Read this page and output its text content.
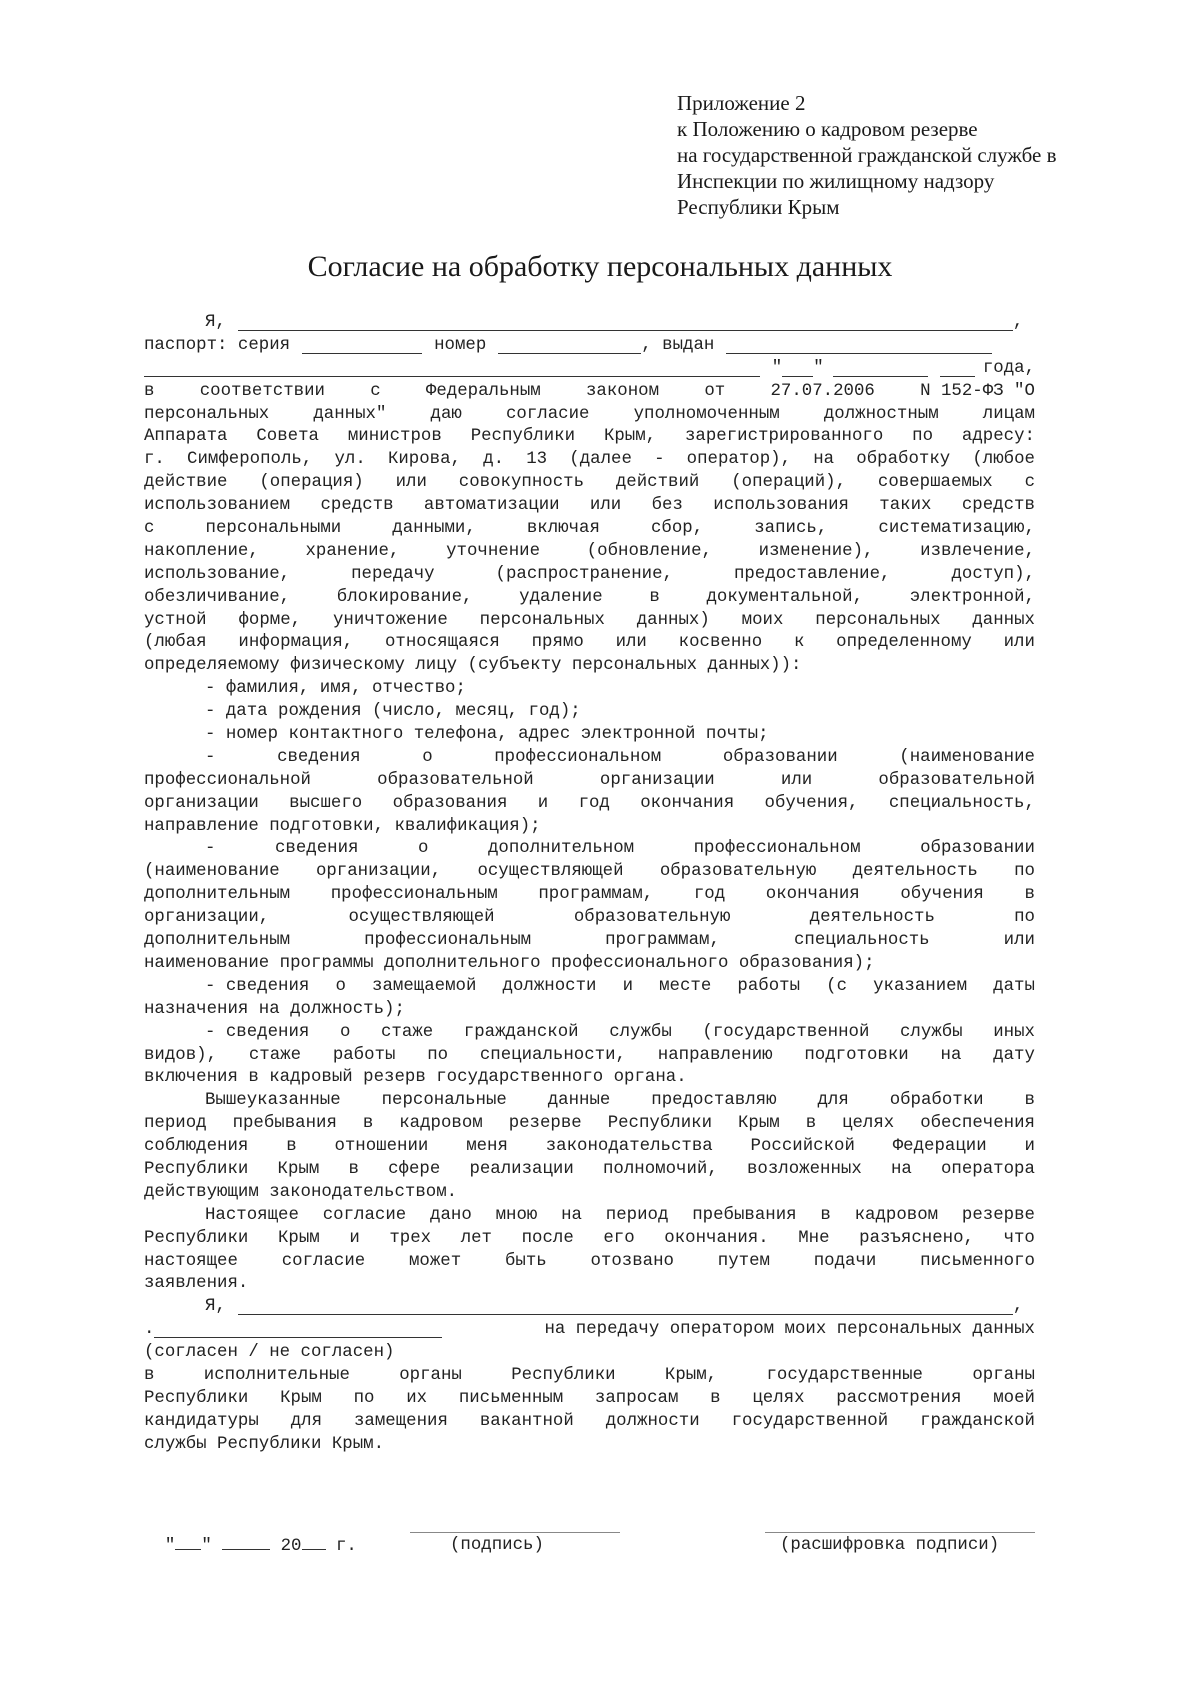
Приложение 2
к Положению о кадровом резерве
на государственной гражданской службе в
Инспекции по жилищному надзору
Республики Крым
Согласие на обработку персональных данных
Я,	,
паспорт: серия	номер	, выдан
" "	года,
в	соответствии	с	Федеральным	законом	от	27.07.2006	N 152-ФЗ "О
персональных	данных"	даю	согласие	уполномоченным	должностным	лицам
Аппарата Совета министров Республики Крым, зарегистрированного по адресу:
г. Симферополь, ул. Кирова, д. 13 (далее - оператор), на обработку (любое
действие (операция) или совокупность действий (операций), совершаемых с
использованием средств автоматизации или без использования таких средств
с	персональными	данными,	включая	сбор,	запись,	систематизацию,
накопление,	хранение,	уточнение	(обновление,	изменение),	извлечение,
использование,	передачу	(распространение,	предоставление,	доступ),
обезличивание,	блокирование,	удаление	в	документальной,	электронной,
устной форме, уничтожение персональных данных) моих персональных данных
(любая информация, относящаяся прямо или косвенно к определенному или
определяемому физическому лицу (субъекту персональных данных)):
- фамилия, имя, отчество;
- дата рождения (число, месяц, год);
- номер контактного телефона, адрес электронной почты;
-	сведения	о	профессиональном	образовании	(наименование
профессиональной	образовательной	организации	или	образовательной
организации высшего образования и год окончания обучения, специальность,
направление подготовки, квалификация);
-	сведения	о	дополнительном	профессиональном	образовании
(наименование организации, осуществляющей образовательную деятельность по
дополнительным профессиональным программам, год окончания обучения в
организации,	осуществляющей	образовательную	деятельность	по
дополнительным	профессиональным	программам,	специальность	или
наименование программы дополнительного профессионального образования);
- сведения о замещаемой должности и месте работы (с указанием даты
назначения на должность);
- сведения о стаже гражданской службы (государственной службы иных
видов), стаже работы по специальности, направлению подготовки на дату
включения в кадровый резерв государственного органа.
Вышеуказанные персональные данные предоставляю для обработки в
период пребывания в кадровом резерве Республики Крым в целях обеспечения
соблюдения в отношении меня законодательства Российской Федерации и
Республики Крым в сфере реализации полномочий, возложенных на оператора
действующим законодательством.
Настоящее согласие дано мною на период пребывания в кадровом резерве
Республики Крым и трех лет после его окончания. Мне разъяснено, что
настоящее	согласие	может	быть	отозвано	путем	подачи	письменного
заявления.
Я,	,
.	на передачу оператором моих персональных данных
(согласен / не согласен)
в	исполнительные	органы	Республики	Крым,	государственные	органы
Республики Крым по их письменным запросам в целях рассмотрения моей
кандидатуры для замещения вакантной должности государственной гражданской
службы Республики Крым.

" "	20 г.	(подпись)	(расшифровка подписи)
